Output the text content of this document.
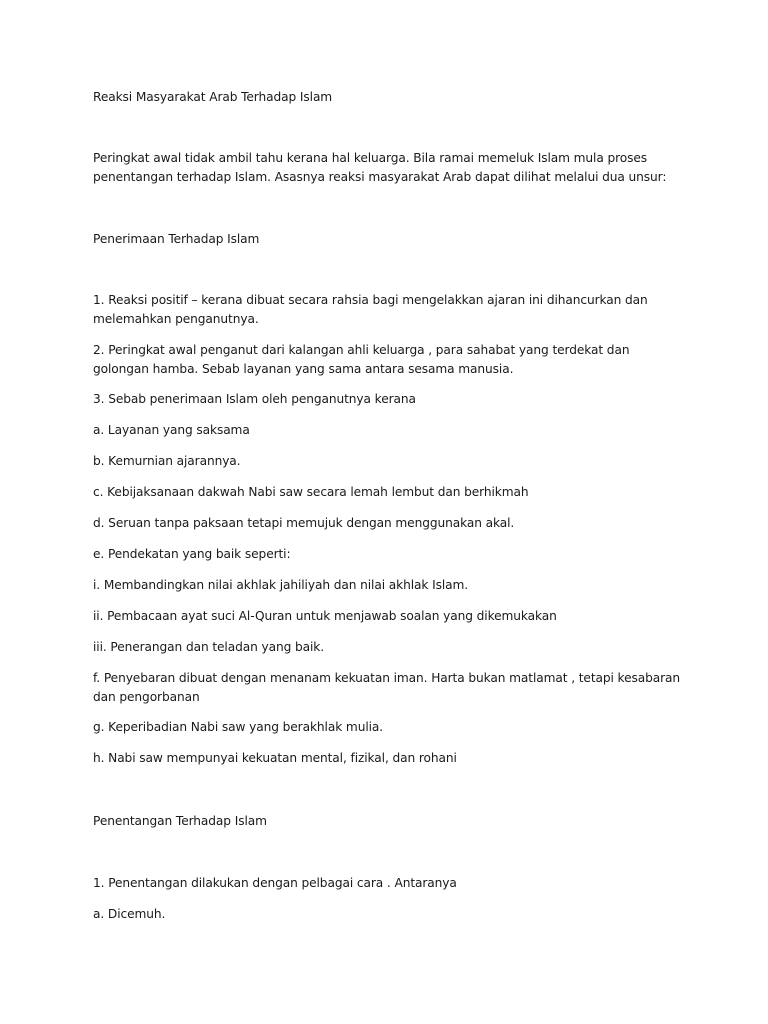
Reaksi Masyarakat Arab Terhadap Islam

Peringkat awal tidak ambil tahu kerana hal keluarga. Bila ramai memeluk Islam mula proses penentangan terhadap Islam. Asasnya reaksi masyarakat Arab dapat dilihat melalui dua unsur:

Penerimaan Terhadap Islam

1. Reaksi positif – kerana dibuat secara rahsia bagi mengelakkan ajaran ini dihancurkan dan melemahkan penganutnya.

2. Peringkat awal penganut dari kalangan ahli keluarga , para sahabat yang terdekat dan golongan hamba. Sebab layanan yang sama antara sesama manusia.

3. Sebab penerimaan Islam oleh penganutnya kerana

a. Layanan yang saksama

b. Kemurnian ajarannya.

c. Kebijaksanaan dakwah Nabi saw secara lemah lembut dan berhikmah

d. Seruan tanpa paksaan tetapi memujuk dengan menggunakan akal.

e. Pendekatan yang baik seperti:

i. Membandingkan nilai akhlak jahiliyah dan nilai akhlak Islam.

ii. Pembacaan ayat suci Al-Quran untuk menjawab soalan yang dikemukakan

iii. Penerangan dan teladan yang baik.

f. Penyebaran dibuat dengan menanam kekuatan iman. Harta bukan matlamat , tetapi kesabaran dan pengorbanan

g. Keperibadian Nabi saw yang berakhlak mulia.

h. Nabi saw mempunyai kekuatan mental, fizikal, dan rohani

Penentangan Terhadap Islam

1. Penentangan dilakukan dengan pelbagai cara . Antaranya

a. Dicemuh.
